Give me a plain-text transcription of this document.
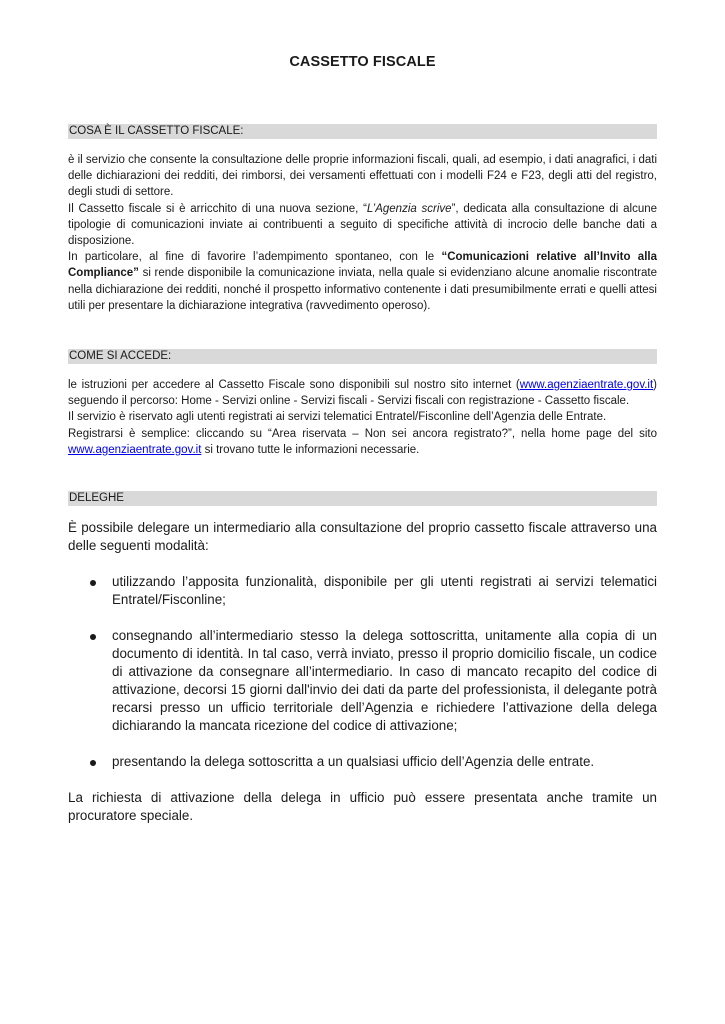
CASSETTO FISCALE
COSA È IL CASSETTO FISCALE:

è il servizio che consente la consultazione delle proprie informazioni fiscali, quali, ad esempio, i dati anagrafici, i dati delle dichiarazioni dei redditi, dei rimborsi, dei versamenti effettuati con i modelli F24 e F23, degli atti del registro, degli studi di settore.

Il Cassetto fiscale si è arricchito di una nuova sezione, “L’Agenzia scrive”, dedicata alla consultazione di alcune tipologie di comunicazioni inviate ai contribuenti a seguito di specifiche attività di incrocio delle banche dati a disposizione.

In particolare, al fine di favorire l’adempimento spontaneo, con le “Comunicazioni relative all’Invito alla Compliance” si rende disponibile la comunicazione inviata, nella quale si evidenziano alcune anomalie riscontrate nella dichiarazione dei redditi, nonché il prospetto informativo contenente i dati presumibilmente errati e quelli attesi utili per presentare la dichiarazione integrativa (ravvedimento operoso).

COME SI ACCEDE:

le istruzioni per accedere al Cassetto Fiscale sono disponibili sul nostro sito internet (www.agenziaentrate.gov.it) seguendo il percorso: Home - Servizi online - Servizi fiscali - Servizi fiscali con registrazione - Cassetto fiscale.

Il servizio è riservato agli utenti registrati ai servizi telematici Entratel/Fisconline dell’Agenzia delle Entrate.

Registrarsi è semplice: cliccando su “Area riservata – Non sei ancora registrato?”, nella home page del sito www.agenziaentrate.gov.it si trovano tutte le informazioni necessarie.

DELEGHE

È possibile delegare un intermediario alla consultazione del proprio cassetto fiscale attraverso una delle seguenti modalità:

utilizzando l’apposita funzionalità, disponibile per gli utenti registrati ai servizi telematici Entratel/Fisconline;
consegnando all’intermediario stesso la delega sottoscritta, unitamente alla copia di un documento di identità. In tal caso, verrà inviato, presso il proprio domicilio fiscale, un codice di attivazione da consegnare all’intermediario. In caso di mancato recapito del codice di attivazione, decorsi 15 giorni dall'invio dei dati da parte del professionista, il delegante potrà recarsi presso un ufficio territoriale dell’Agenzia e richiedere l’attivazione della delega dichiarando la mancata ricezione del codice di attivazione;
presentando la delega sottoscritta a un qualsiasi ufficio dell’Agenzia delle entrate.

La richiesta di attivazione della delega in ufficio può essere presentata anche tramite un procuratore speciale.
